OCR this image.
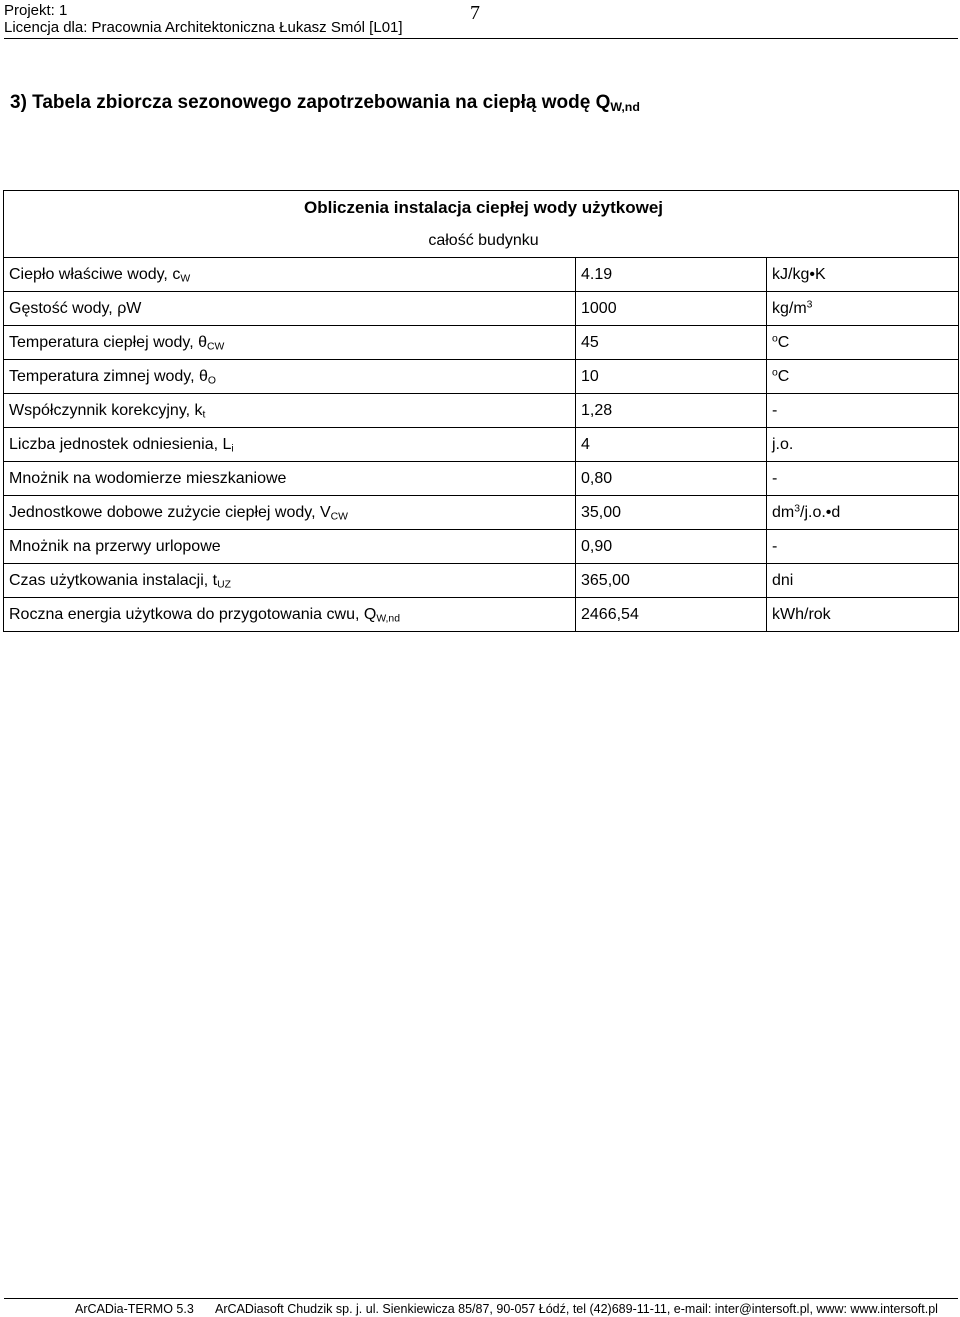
Projekt: 1
Licencja dla: Pracownia Architektoniczna Łukasz Smól [L01]
7
3) Tabela zbiorcza sezonowego zapotrzebowania na ciepłą wodę $Q_{W,nd}$
Obliczenia instalacja ciepłej wody użytkowej		
całość budynku		
Ciepło właściwe wody, $c_W$	4.19	kJ/kg•K
Gęstość wody, ρW	1000	$kg/m^3$
Temperatura ciepłej wody, $\theta_{CW}$	45	$^o$C
Temperatura zimnej wody, $\theta_O$	10	$^o$C
Współczynnik korekcyjny, $k_t$	1,28	-
Liczba jednostek odniesienia, $L_i$	4	j.o.
Mnożnik na wodomierze mieszkaniowe	0,80	-
Jednostkowe dobowe zużycie ciepłej wody, $V_{CW}$	35,00	$dm^3/j.o.•d$
Mnożnik na przerwy urlopowe	0,90	-
Czas użytkowania instalacji, $t_{UZ}$	365,00	dni
Roczna energia użytkowa do przygotowania cwu, $Q_{W,nd}$	2466,54	kWh/rok
ArCADia-TERMO 5.3 ArCADiasoft Chudzik sp. j. ul. Sienkiewicza 85/87, 90-057 Łódź, tel (42)689-11-11, e-mail: inter@intersoft.pl, www: www.intersoft.pl
